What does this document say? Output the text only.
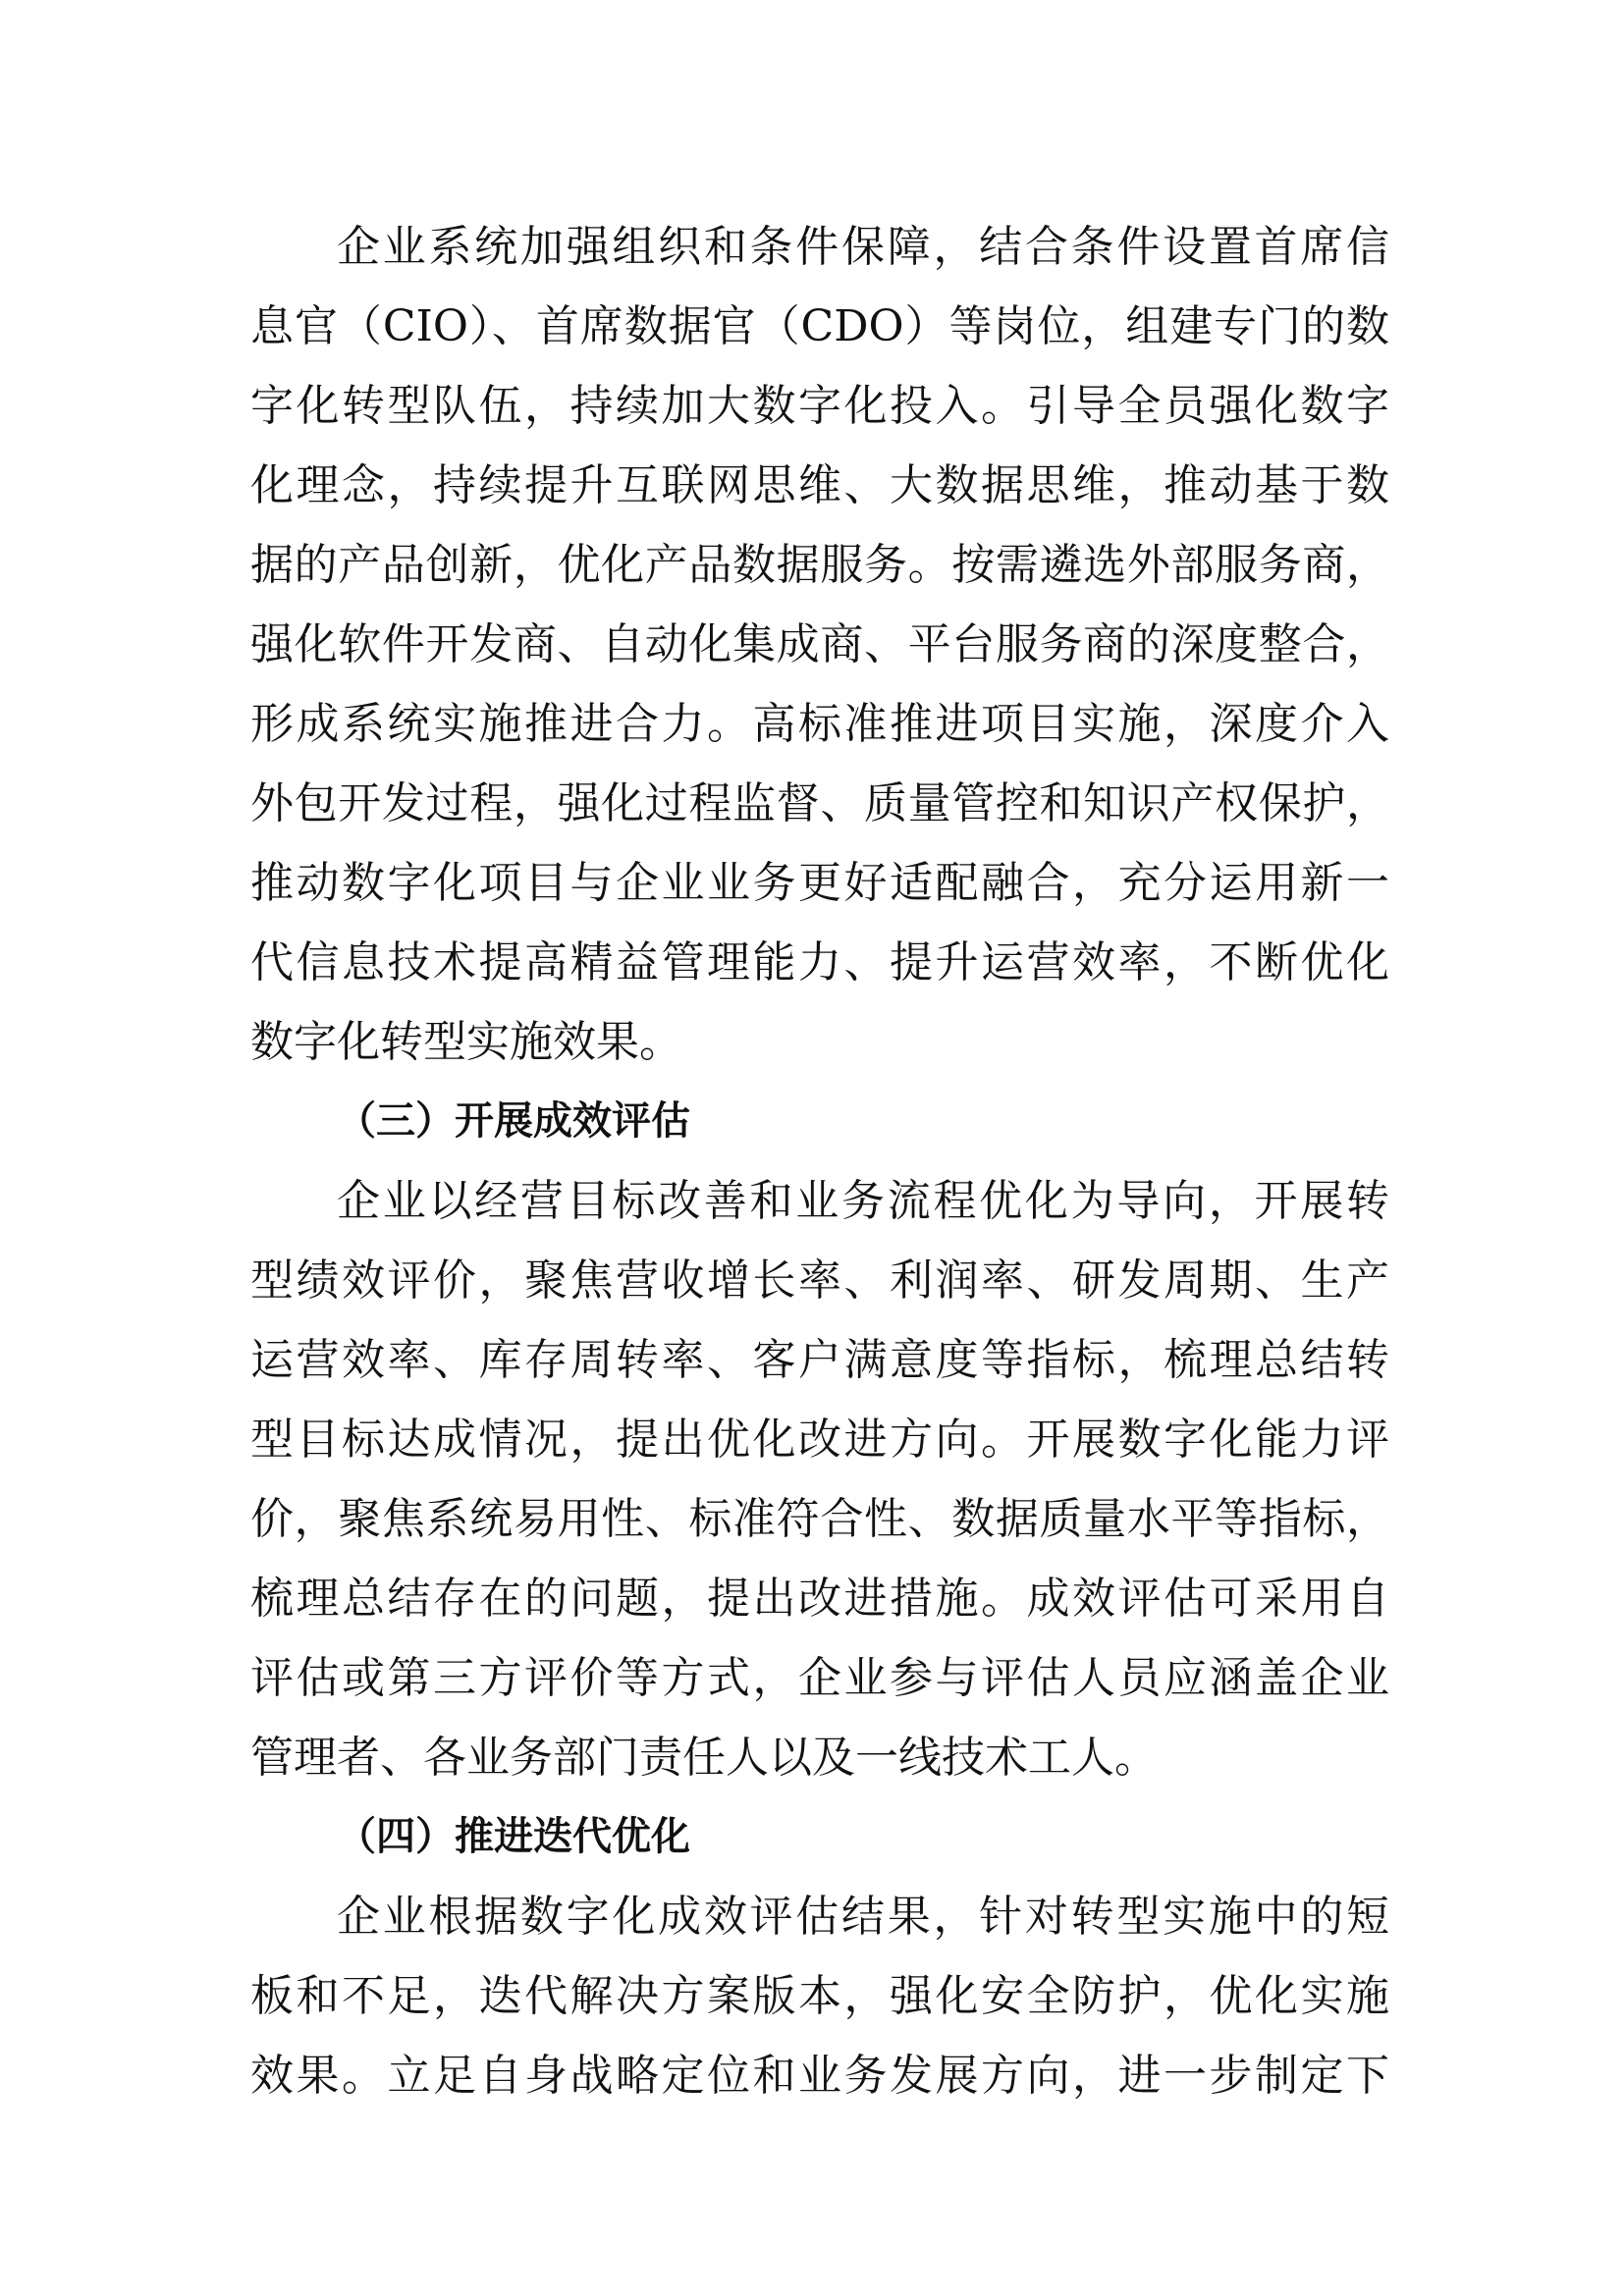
企业系统加强组织和条件保障，结合条件设置首席信
息官（CIO）、首席数据官（CDO）等岗位，组建专门的数
字化转型队伍，持续加大数字化投入。引导全员强化数字
化理念，持续提升互联网思维、大数据思维，推动基于数
据的产品创新，优化产品数据服务。按需遴选外部服务商，
强化软件开发商、自动化集成商、平台服务商的深度整合，
形成系统实施推进合力。高标准推进项目实施，深度介入
外包开发过程，强化过程监督、质量管控和知识产权保护，
推动数字化项目与企业业务更好适配融合，充分运用新一
代信息技术提高精益管理能力、提升运营效率，不断优化
数字化转型实施效果。
（三）开展成效评估
企业以经营目标改善和业务流程优化为导向，开展转
型绩效评价，聚焦营收增长率、利润率、研发周期、生产
运营效率、库存周转率、客户满意度等指标，梳理总结转
型目标达成情况，提出优化改进方向。开展数字化能力评
价，聚焦系统易用性、标准符合性、数据质量水平等指标，
梳理总结存在的问题，提出改进措施。成效评估可采用自
评估或第三方评价等方式，企业参与评估人员应涵盖企业
管理者、各业务部门责任人以及一线技术工人。
（四）推进迭代优化
企业根据数字化成效评估结果，针对转型实施中的短
板和不足，迭代解决方案版本，强化安全防护，优化实施
效果。立足自身战略定位和业务发展方向，进一步制定下
